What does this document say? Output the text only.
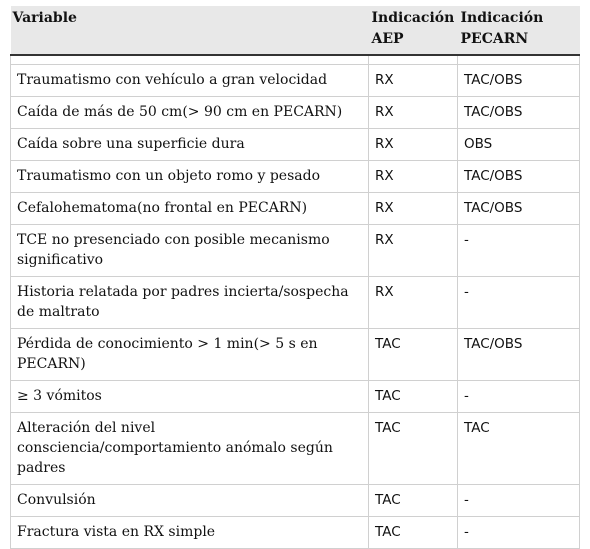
Variable	Indicación AEP	Indicación PECARN

Traumatismo con vehículo a gran velocidad	RX	TAC/OBS
Caída de más de 50 cm(> 90 cm en PECARN)	RX	TAC/OBS
Caída sobre una superficie dura	RX	OBS
Traumatismo con un objeto romo y pesado	RX	TAC/OBS
Cefalohematoma(no frontal en PECARN)	RX	TAC/OBS
TCE no presenciado con posible mecanismo significativo	RX	-
Historia relatada por padres incierta/sospecha de maltrato	RX	-
Pérdida de conocimiento > 1 min(> 5 s en PECARN)	TAC	TAC/OBS
≥ 3 vómitos	TAC	-
Alteración del nivel consciencia/comportamiento anómalo según padres	TAC	TAC
Convulsión	TAC	-
Fractura vista en RX simple	TAC	-
